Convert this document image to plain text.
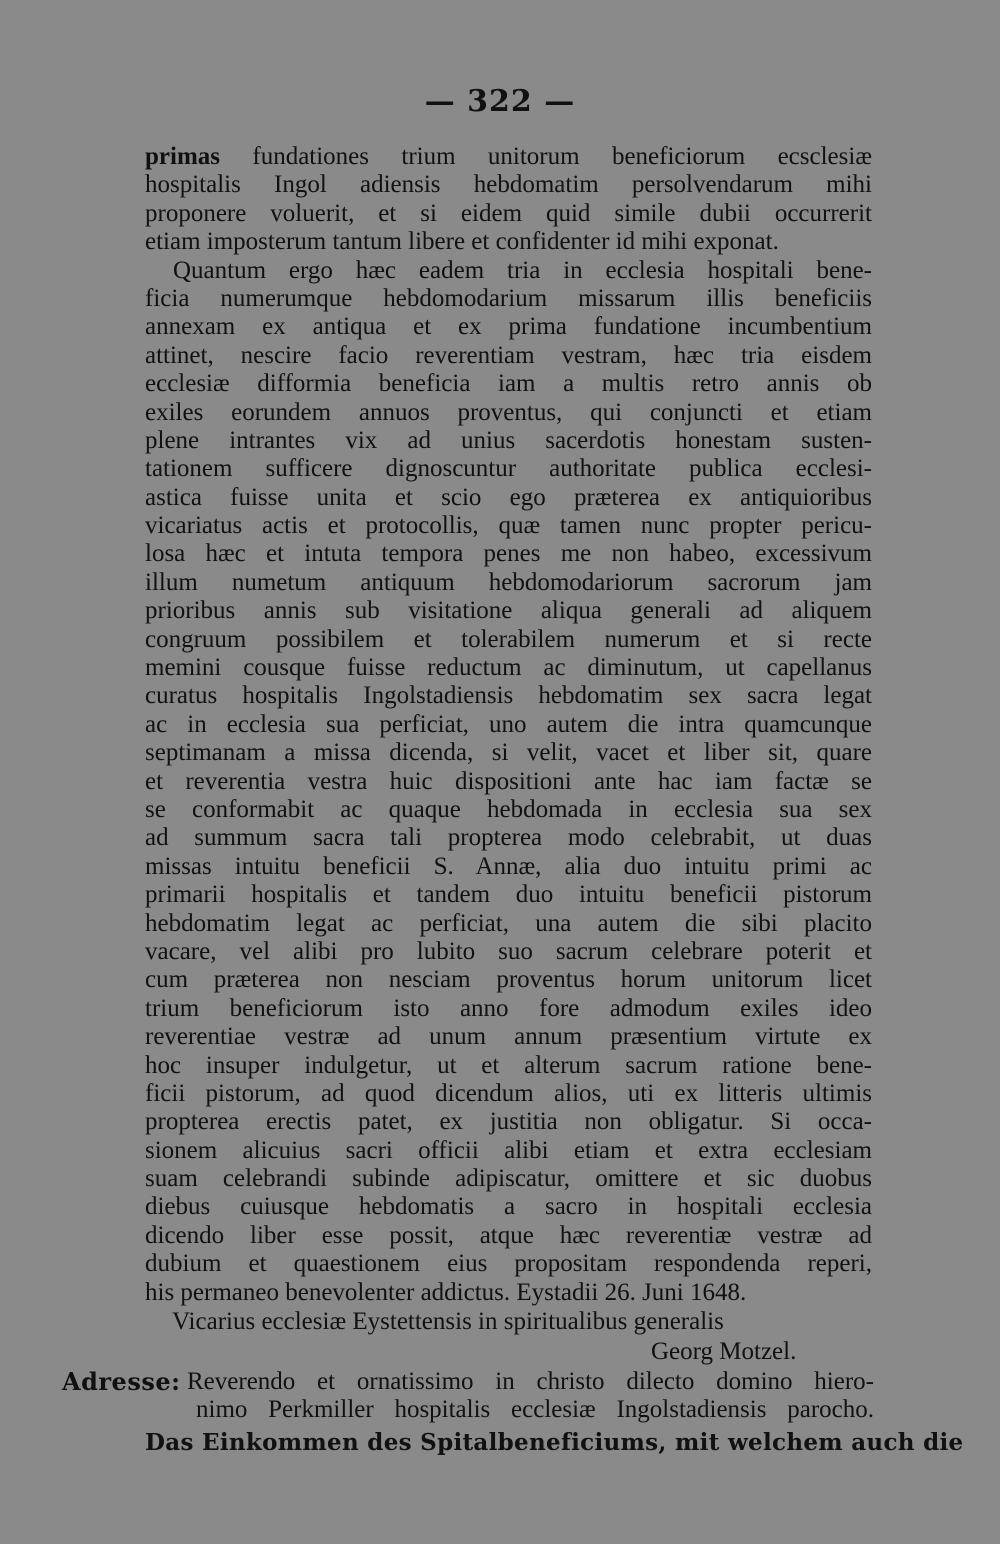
— 322 —
primas fundationes trium unitorum beneficiorum ecsclesiæ
hospitalis Ingol adiensis hebdomatim persolvendarum mihi
proponere voluerit, et si eidem quid simile dubii occurrerit
etiam imposterum tantum libere et confidenter id mihi exponat.
Quantum ergo hæc eadem tria in ecclesia hospitali bene-
ficia numerumque hebdomodarium missarum illis beneficiis
annexam ex antiqua et ex prima fundatione incumbentium
attinet, nescire facio reverentiam vestram, hæc tria eisdem
ecclesiæ difformia beneficia iam a multis retro annis ob
exiles eorundem annuos proventus, qui conjuncti et etiam
plene intrantes vix ad unius sacerdotis honestam susten-
tationem sufficere dignoscuntur authoritate publica ecclesi-
astica fuisse unita et scio ego præterea ex antiquioribus
vicariatus actis et protocollis, quæ tamen nunc propter pericu-
losa hæc et intuta tempora penes me non habeo, excessivum
illum numetum antiquum hebdomodariorum sacrorum jam
prioribus annis sub visitatione aliqua generali ad aliquem
congruum possibilem et tolerabilem numerum et si recte
memini cousque fuisse reductum ac diminutum, ut capellanus
curatus hospitalis Ingolstadiensis hebdomatim sex sacra legat
ac in ecclesia sua perficiat, uno autem die intra quamcunque
septimanam a missa dicenda, si velit, vacet et liber sit, quare
et reverentia vestra huic dispositioni ante hac iam factæ se
se conformabit ac quaque hebdomada in ecclesia sua sex
ad summum sacra tali propterea modo celebrabit, ut duas
missas intuitu beneficii S. Annæ, alia duo intuitu primi ac
primarii hospitalis et tandem duo intuitu beneficii pistorum
hebdomatim legat ac perficiat, una autem die sibi placito
vacare, vel alibi pro lubito suo sacrum celebrare poterit et
cum præterea non nesciam proventus horum unitorum licet
trium beneficiorum isto anno fore admodum exiles ideo
reverentiae vestræ ad unum annum præsentium virtute ex
hoc insuper indulgetur, ut et alterum sacrum ratione bene-
ficii pistorum, ad quod dicendum alios, uti ex litteris ultimis
propterea erectis patet, ex justitia non obligatur. Si occa-
sionem alicuius sacri officii alibi etiam et extra ecclesiam
suam celebrandi subinde adipiscatur, omittere et sic duobus
diebus cuiusque hebdomatis a sacro in hospitali ecclesia
dicendo liber esse possit, atque hæc reverentiæ vestræ ad
dubium et quaestionem eius propositam respondenda reperi,
his permaneo benevolenter addictus. Eystadii 26. Juni 1648.
Vicarius ecclesiæ Eystettensis in spiritualibus generalis
Georg Motzel.
Adresse: Reverendo et ornatissimo in christo dilecto domino hiero-
nimo Perkmiller hospitalis ecclesiæ Ingolstadiensis parocho.
Das Einkommen des Spitalbeneficiums, mit welchem auch die
